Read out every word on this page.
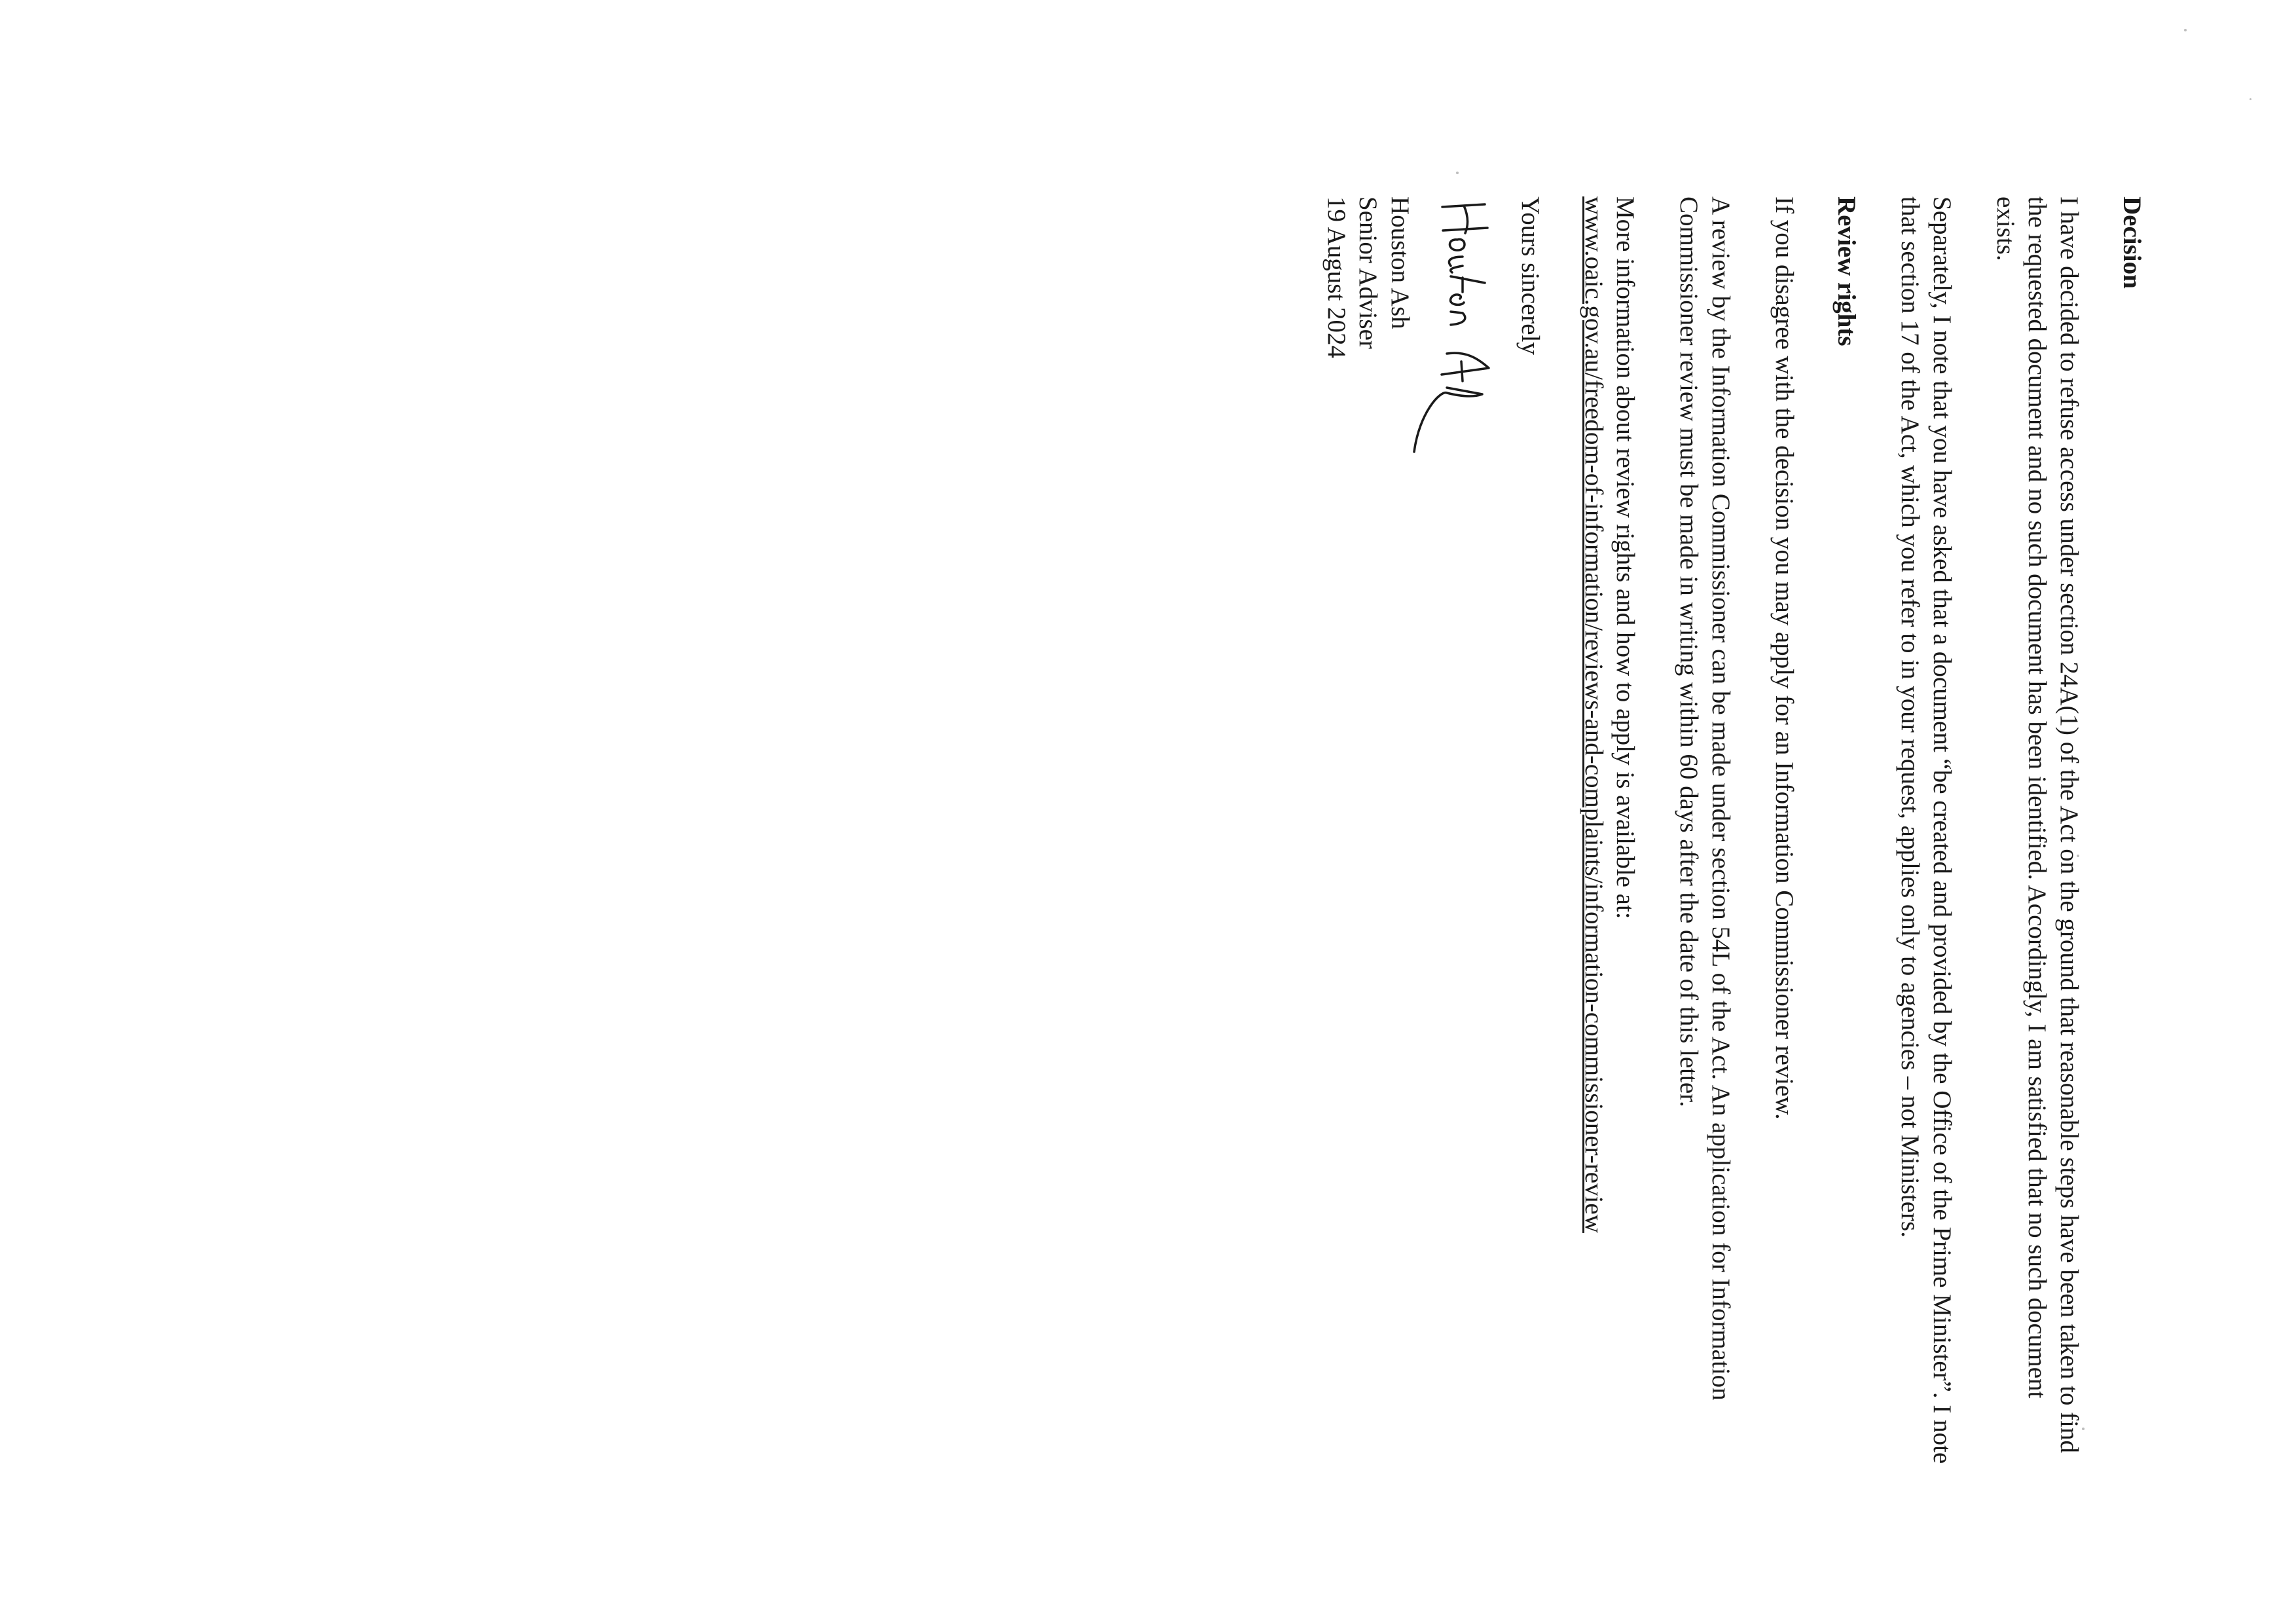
Decision

I have decided to refuse access under section 24A(1) of the Act on the ground that reasonable steps have been taken to find the requested document and no such document has been identified. Accordingly, I am satisfied that no such document exists.

Separately, I note that you have asked that a document “be created and provided by the Office of the Prime Minister”. I note that section 17 of the Act, which you refer to in your request, applies only to agencies – not Ministers.

Review rights

If you disagree with the decision you may apply for an Information Commissioner review.

A review by the Information Commissioner can be made under section 54L of the Act. An application for Information Commissioner review must be made in writing within 60 days after the date of this letter.

More information about review rights and how to apply is available at:
www.oaic.gov.au/freedom-of-information/reviews-and-complaints/information-commissioner-review

Yours sincerely

Houston Ash

Senior Adviser

19 August 2024
